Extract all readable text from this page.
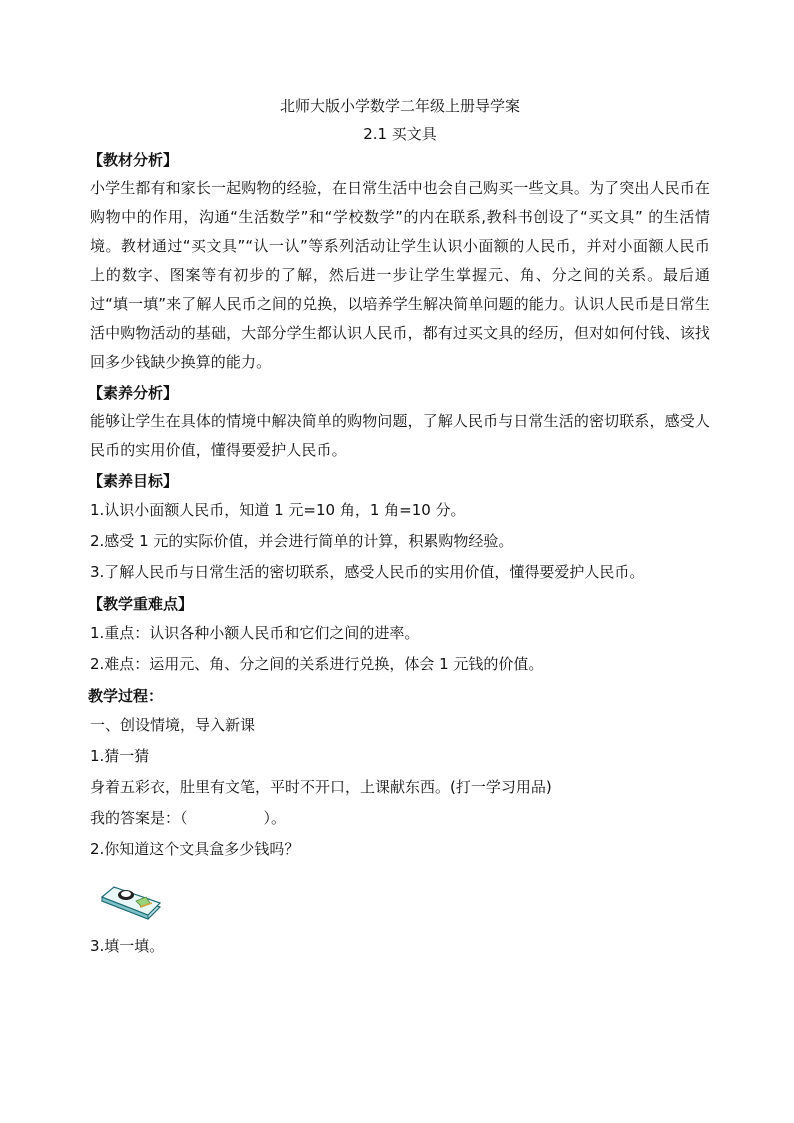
北师大版小学数学二年级上册导学案

2.1 买文具

【教材分析】

小学生都有和家长一起购物的经验，在日常生活中也会自己购买一些文具。为了突出人民币在购物中的作用，沟通“生活数学”和“学校数学”的内在联系,教科书创设了“买文具” 的生活情境。教材通过“买文具”“认一认”等系列活动让学生认识小面额的人民币，并对小面额人民币上的数字、图案等有初步的了解，然后进一步让学生掌握元、角、分之间的关系。最后通过“填一填”来了解人民币之间的兑换，以培养学生解决简单问题的能力。认识人民币是日常生活中购物活动的基础，大部分学生都认识人民币，都有过买文具的经历，但对如何付钱、该找回多少钱缺少换算的能力。

【素养分析】

能够让学生在具体的情境中解决简单的购物问题，了解人民币与日常生活的密切联系，感受人民币的实用价值，懂得要爱护人民币。

【素养目标】

1.认识小面额人民币，知道 1 元=10 角，1 角=10 分。

2.感受 1 元的实际价值，并会进行简单的计算，积累购物经验。

3.了解人民币与日常生活的密切联系，感受人民币的实用价值，懂得要爱护人民币。

【教学重难点】

1.重点：认识各种小额人民币和它们之间的进率。

2.难点：运用元、角、分之间的关系进行兑换，体会 1 元钱的价值。

教学过程：

一、创设情境，导入新课

1.猜一猜

身着五彩衣，肚里有文笔，平时不开口，上课献东西。(打一学习用品)

我的答案是：（	）。

2.你知道这个文具盒多少钱吗？

3.填一填。
